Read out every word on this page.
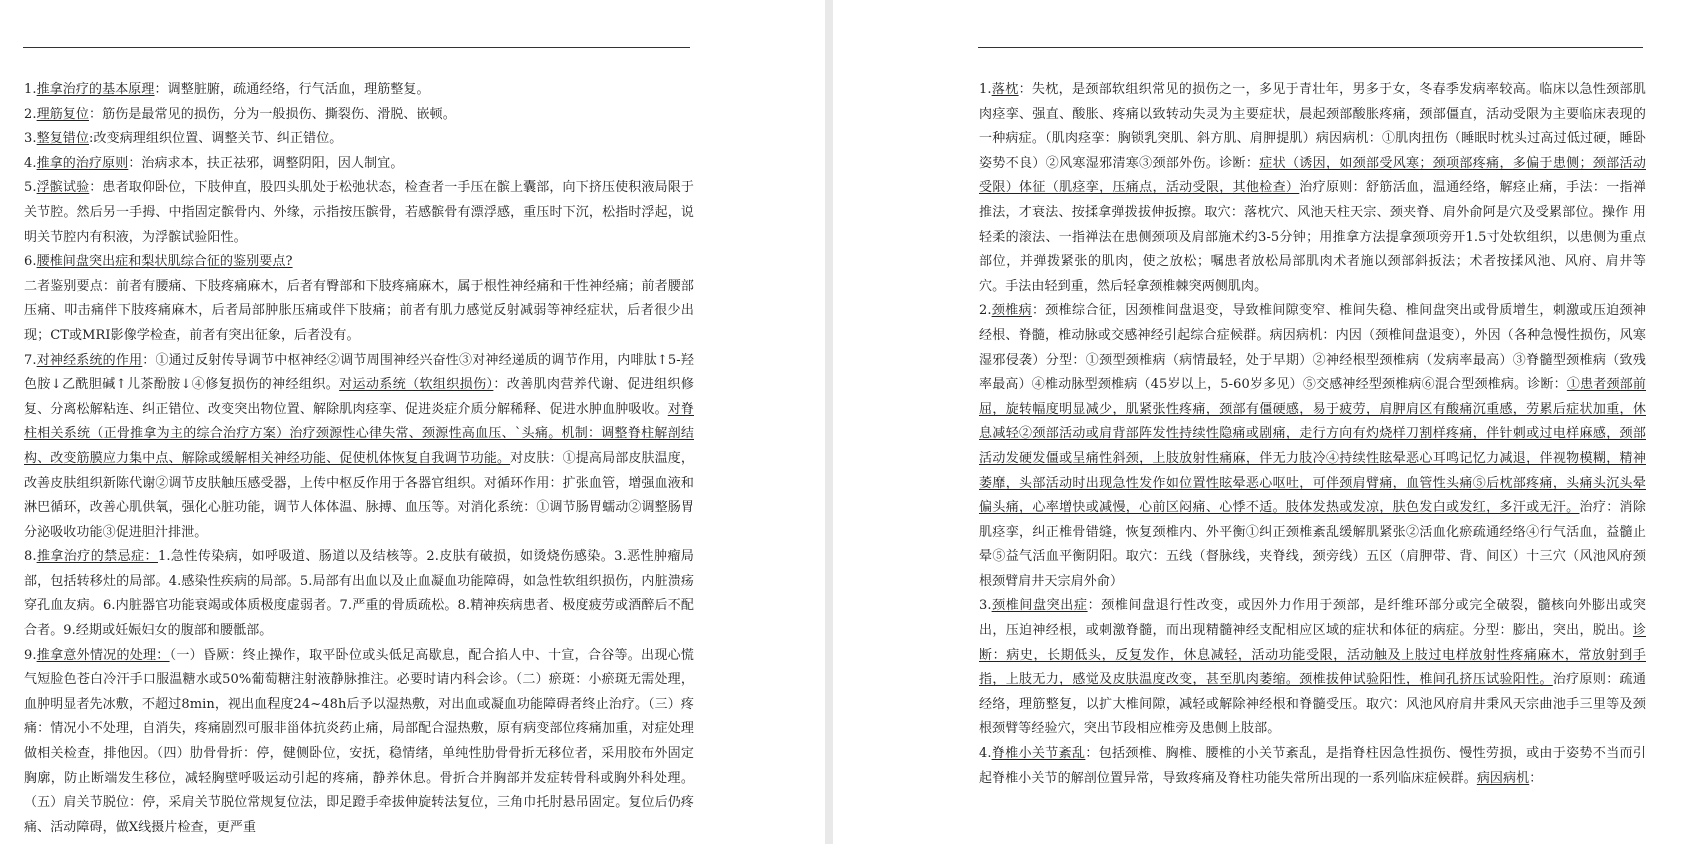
1.推拿治疗的基本原理：调整脏腑，疏通经络，行气活血，理筋整复。

2.理筋复位：筋伤是最常见的损伤，分为一般损伤、撕裂伤、滑脱、嵌顿。

3.整复错位:改变病理组织位置、调整关节、纠正错位。

4.推拿的治疗原则：治病求本，扶正祛邪，调整阴阳，因人制宜。

5.浮髌试验：患者取仰卧位，下肢伸直，股四头肌处于松弛状态，检查者一手压在髌上囊部，向下挤压使积液局限于关节腔。然后另一手拇、中指固定髌骨内、外缘，示指按压髌骨，若感髌骨有漂浮感，重压时下沉，松指时浮起，说明关节腔内有积液，为浮髌试验阳性。

6.腰椎间盘突出症和梨状肌综合征的鉴别要点?

二者鉴别要点：前者有腰痛、下肢疼痛麻木，后者有臀部和下肢疼痛麻木，属于根性神经痛和干性神经痛；前者腰部压痛、叩击痛伴下肢疼痛麻木，后者局部肿胀压痛或伴下肢痛；前者有肌力感觉反射减弱等神经症状，后者很少出现；CT或MRI影像学检查，前者有突出征象，后者没有。

7.对神经系统的作用：①通过反射传导调节中枢神经②调节周围神经兴奋性③对神经递质的调节作用，内啡肽↑5-羟色胺↓乙酰胆碱↑儿茶酚胺↓④修复损伤的神经组织。对运动系统（软组织损伤）：改善肌肉营养代谢、促进组织修复、分离松解粘连、纠正错位、改变突出物位置、解除肌肉痉挛、促进炎症介质分解稀释、促进水肿血肿吸收。对脊柱相关系统（正骨推拿为主的综合治疗方案）治疗颈源性心律失常、颈源性高血压、`头痛。机制：调整脊柱解剖结构、改变筋膜应力集中点、解除或缓解相关神经功能、促使机体恢复自我调节功能。对皮肤：①提高局部皮肤温度，改善皮肤组织新陈代谢②调节皮肤触压感受器，上传中枢反作用于各器官组织。对循环作用：扩张血管，增强血液和淋巴循环，改善心肌供氧，强化心脏功能，调节人体体温、脉搏、血压等。对消化系统：①调节肠胃蠕动②调整肠胃分泌吸收功能③促进胆汁排泄。

8.推拿治疗的禁忌症：1.急性传染病，如呼吸道、肠道以及结核等。2.皮肤有破损，如烫烧伤感染。3.恶性肿瘤局部，包括转移灶的局部。4.感染性疾病的局部。5.局部有出血以及止血凝血功能障碍，如急性软组织损伤，内脏溃疡穿孔血友病。6.内脏器官功能衰竭或体质极度虚弱者。7.严重的骨质疏松。8.精神疾病患者、极度疲劳或酒醉后不配合者。9.经期或妊娠妇女的腹部和腰骶部。

9.推拿意外情况的处理：（一）昏厥：终止操作，取平卧位或头低足高歇息，配合掐人中、十宣，合谷等。出现心慌气短脸色苍白冷汗手口服温糖水或50%葡萄糖注射液静脉推注。必要时请内科会诊。（二）瘀斑：小瘀斑无需处理，血肿明显者先冰敷，不超过8min，视出血程度24~48h后予以湿热敷，对出血或凝血功能障碍者终止治疗。（三）疼痛：情况小不处理，自消失，疼痛剧烈可服非甾体抗炎药止痛，局部配合湿热敷，原有病变部位疼痛加重，对症处理做相关检查，排他因。（四）肋骨骨折：停，健侧卧位，安抚，稳情绪，单纯性肋骨骨折无移位者，采用胶布外固定胸廓，防止断端发生移位，减轻胸壁呼吸运动引起的疼痛，静养休息。骨折合并胸部并发症转骨科或胸外科处理。（五）肩关节脱位：停，采肩关节脱位常规复位法，即足蹬手牵拔伸旋转法复位，三角巾托肘悬吊固定。复位后仍疼痛、活动障碍，做X线摄片检查，更严重

1.落枕：失枕，是颈部软组织常见的损伤之一，多见于青壮年，男多于女，冬春季发病率较高。临床以急性颈部肌肉痉挛、强直、酸胀、疼痛以致转动失灵为主要症状，晨起颈部酸胀疼痛，颈部僵直，活动受限为主要临床表现的一种病症。（肌肉痉挛：胸锁乳突肌、斜方肌、肩胛提肌）病因病机：①肌肉扭伤（睡眠时枕头过高过低过硬，睡卧姿势不良）②风寒湿邪清寒③颈部外伤。诊断：症状（诱因，如颈部受风寒；颈项部疼痛，多偏于患侧；颈部活动受限）体征（肌痉挛，压痛点，活动受限，其他检查）治疗原则：舒筋活血，温通经络，解痉止痛，手法：一指禅推法，才衰法、按揉拿弹拨拔伸扳擦。取穴：落枕穴、风池天柱天宗、颈夹脊、肩外俞阿是穴及受累部位。操作 用轻柔的滚法、一指禅法在患侧颈项及肩部施术约3-5分钟；用推拿方法提拿颈项旁开1.5寸处软组织，以患侧为重点部位，并弹拨紧张的肌肉，使之放松；嘱患者放松局部肌肉术者施以颈部斜扳法；术者按揉风池、风府、肩井等穴。手法由轻到重，然后轻拿颈椎棘突两侧肌肉。

2.颈椎病：颈椎综合征，因颈椎间盘退变，导致椎间隙变窄、椎间失稳、椎间盘突出或骨质增生，刺激或压迫颈神经根、脊髓，椎动脉或交感神经引起综合症候群。病因病机：内因（颈椎间盘退变），外因（各种急慢性损伤，风寒湿邪侵袭）分型：①颈型颈椎病（病情最轻，处于早期）②神经根型颈椎病（发病率最高）③脊髓型颈椎病（致残率最高）④椎动脉型颈椎病（45岁以上，5-60岁多见）⑤交感神经型颈椎病⑥混合型颈椎病。诊断：①患者颈部前屈，旋转幅度明显减少，肌紧张性疼痛，颈部有僵硬感，易于疲劳，肩胛肩区有酸痛沉重感，劳累后症状加重，休息减轻②颈部活动或肩背部阵发性持续性隐痛或剧痛，走行方向有灼烧样刀割样疼痛，伴针刺或过电样麻感，颈部活动发硬发僵或呈痛性斜颈，上肢放射性痛麻，伴无力肢冷④持续性眩晕恶心耳鸣记忆力减退，伴视物模糊，精神萎靡，头部活动时出现急性发作如位置性眩晕恶心呕吐，可伴颈肩臂痛，血管性头痛⑤后枕部疼痛，头痛头沉头晕偏头痛，心率增快或减慢，心前区闷痛、心悸不适。肢体发热或发凉，肤色发白或发红，多汗或无汗。治疗：消除肌痉挛，纠正椎骨错缝，恢复颈椎内、外平衡①纠正颈椎紊乱缓解肌紧张②活血化瘀疏通经络④行气活血，益髓止晕⑤益气活血平衡阴阳。取穴：五线（督脉线，夹脊线，颈旁线）五区（肩胛带、背、间区）十三穴（风池风府颈根颈臂肩井天宗肩外俞）

3.颈椎间盘突出症：颈椎间盘退行性改变，或因外力作用于颈部，是纤维环部分或完全破裂，髓核向外膨出或突出，压迫神经根，或刺激脊髓，而出现精髓神经支配相应区域的症状和体征的病症。分型：膨出，突出，脱出。诊断：病史，长期低头，反复发作，休息减轻，活动功能受限，活动触及上肢过电样放射性疼痛麻木，常放射到手指，上肢无力，感觉及皮肤温度改变，甚至肌肉萎缩。颈椎拔伸试验阳性，椎间孔挤压试验阳性。治疗原则：疏通经络，理筋整复，以扩大椎间隙，减轻或解除神经根和脊髓受压。取穴：风池风府肩井秉风天宗曲池手三里等及颈根颈臂等经验穴，突出节段相应椎旁及患侧上肢部。

4.脊椎小关节紊乱：包括颈椎、胸椎、腰椎的小关节紊乱，是指脊柱因急性损伤、慢性劳损，或由于姿势不当而引起脊椎小关节的解剖位置异常，导致疼痛及脊柱功能失常所出现的一系列临床症候群。病因病机：
